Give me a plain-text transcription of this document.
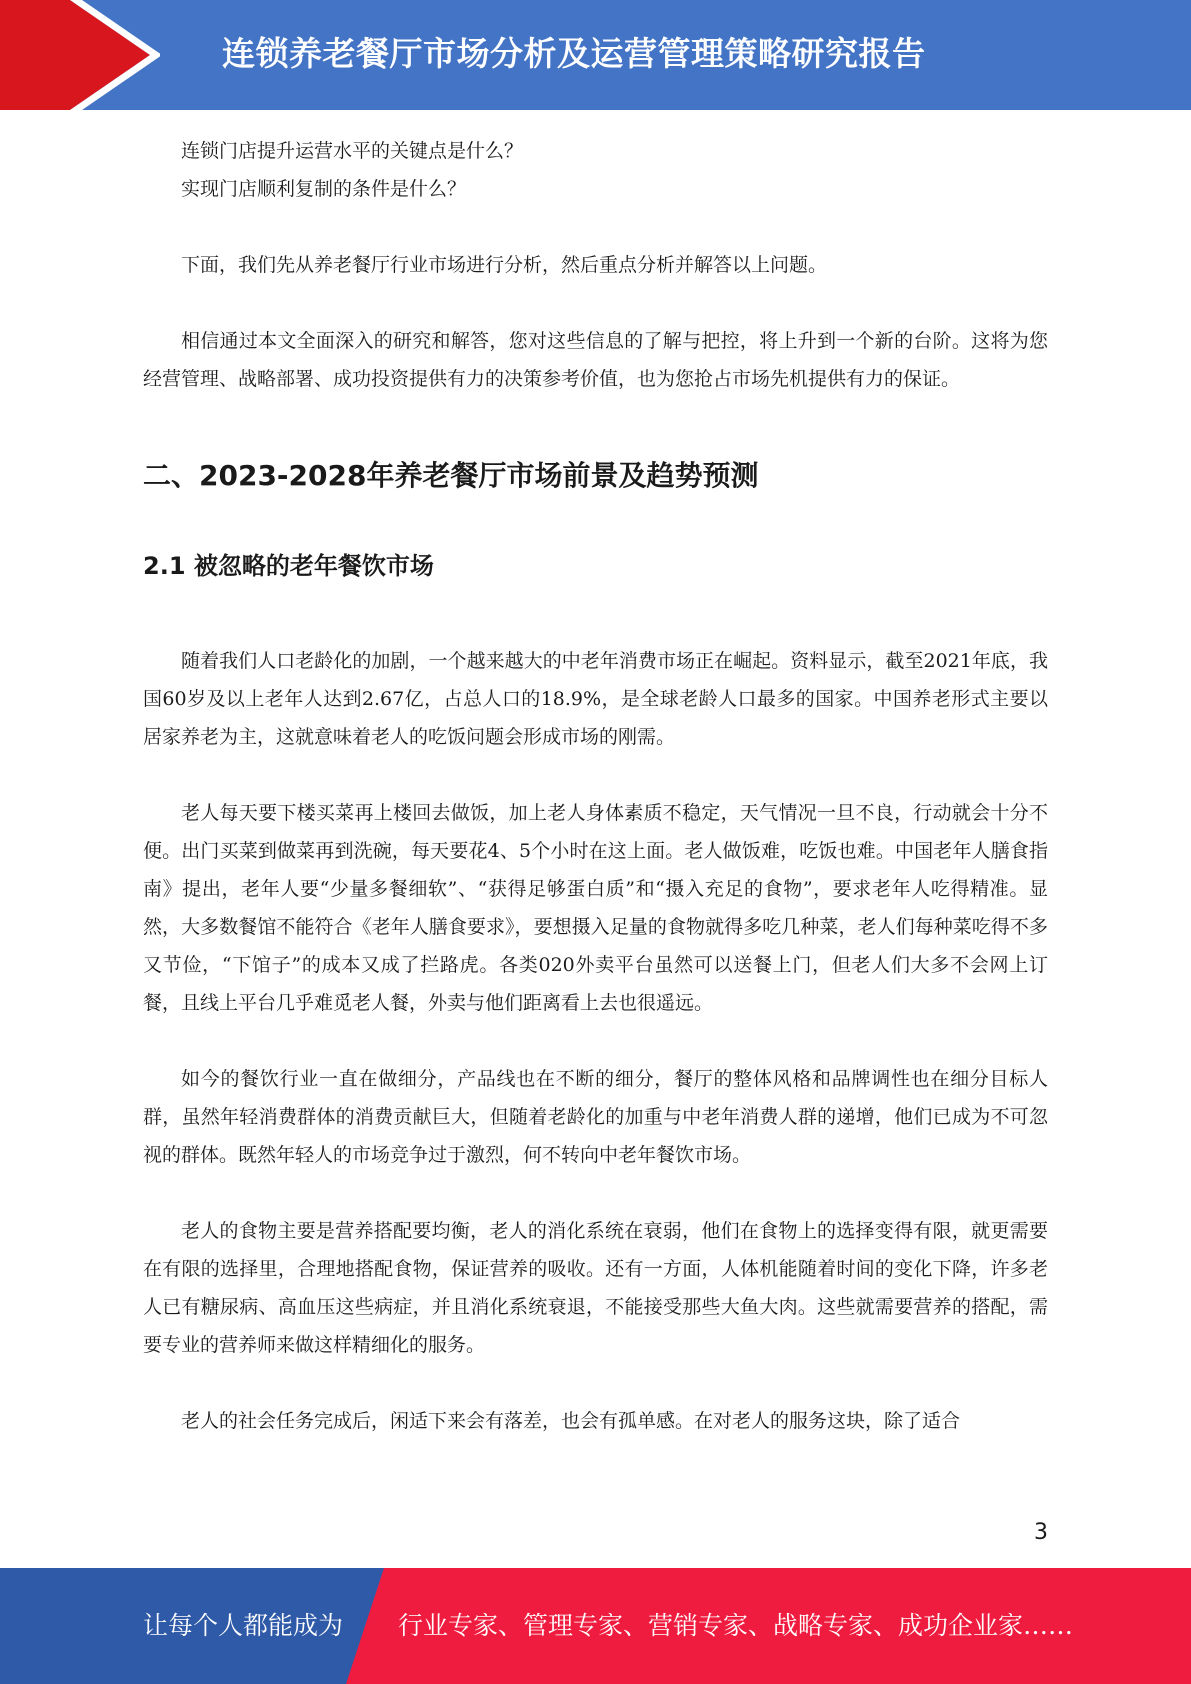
连锁养老餐厅市场分析及运营管理策略研究报告

连锁门店提升运营水平的关键点是什么？

实现门店顺利复制的条件是什么？

下面，我们先从养老餐厅行业市场进行分析，然后重点分析并解答以上问题。

相信通过本文全面深入的研究和解答，您对这些信息的了解与把控，将上升到一个新的台阶。这将为您经营管理、战略部署、成功投资提供有力的决策参考价值，也为您抢占市场先机提供有力的保证。

二、2023-2028年养老餐厅市场前景及趋势预测
2.1 被忽略的老年餐饮市场

随着我们人口老龄化的加剧，一个越来越大的中老年消费市场正在崛起。资料显示，截至2021年底，我国60岁及以上老年人达到2.67亿，占总人口的18.9%，是全球老龄人口最多的国家。中国养老形式主要以居家养老为主，这就意味着老人的吃饭问题会形成市场的刚需。

老人每天要下楼买菜再上楼回去做饭，加上老人身体素质不稳定，天气情况一旦不良，行动就会十分不便。出门买菜到做菜再到洗碗，每天要花4、5个小时在这上面。老人做饭难，吃饭也难。中国老年人膳食指南》提出，老年人要“少量多餐细软”、“获得足够蛋白质”和“摄入充足的食物”，要求老年人吃得精准。显然，大多数餐馆不能符合《老年人膳食要求》，要想摄入足量的食物就得多吃几种菜，老人们每种菜吃得不多又节俭，“下馆子”的成本又成了拦路虎。各类020外卖平台虽然可以送餐上门，但老人们大多不会网上订餐，且线上平台几乎难觅老人餐，外卖与他们距离看上去也很遥远。

如今的餐饮行业一直在做细分，产品线也在不断的细分，餐厅的整体风格和品牌调性也在细分目标人群，虽然年轻消费群体的消费贡献巨大，但随着老龄化的加重与中老年消费人群的递增，他们已成为不可忽视的群体。既然年轻人的市场竞争过于激烈，何不转向中老年餐饮市场。

老人的食物主要是营养搭配要均衡，老人的消化系统在衰弱，他们在食物上的选择变得有限，就更需要在有限的选择里，合理地搭配食物，保证营养的吸收。还有一方面，人体机能随着时间的变化下降，许多老人已有糖尿病、高血压这些病症，并且消化系统衰退，不能接受那些大鱼大肉。这些就需要营养的搭配，需要专业的营养师来做这样精细化的服务。

老人的社会任务完成后，闲适下来会有落差，也会有孤单感。在对老人的服务这块，除了适合

3
让每个人都能成为 行业专家、管理专家、营销专家、战略专家、成功企业家……
